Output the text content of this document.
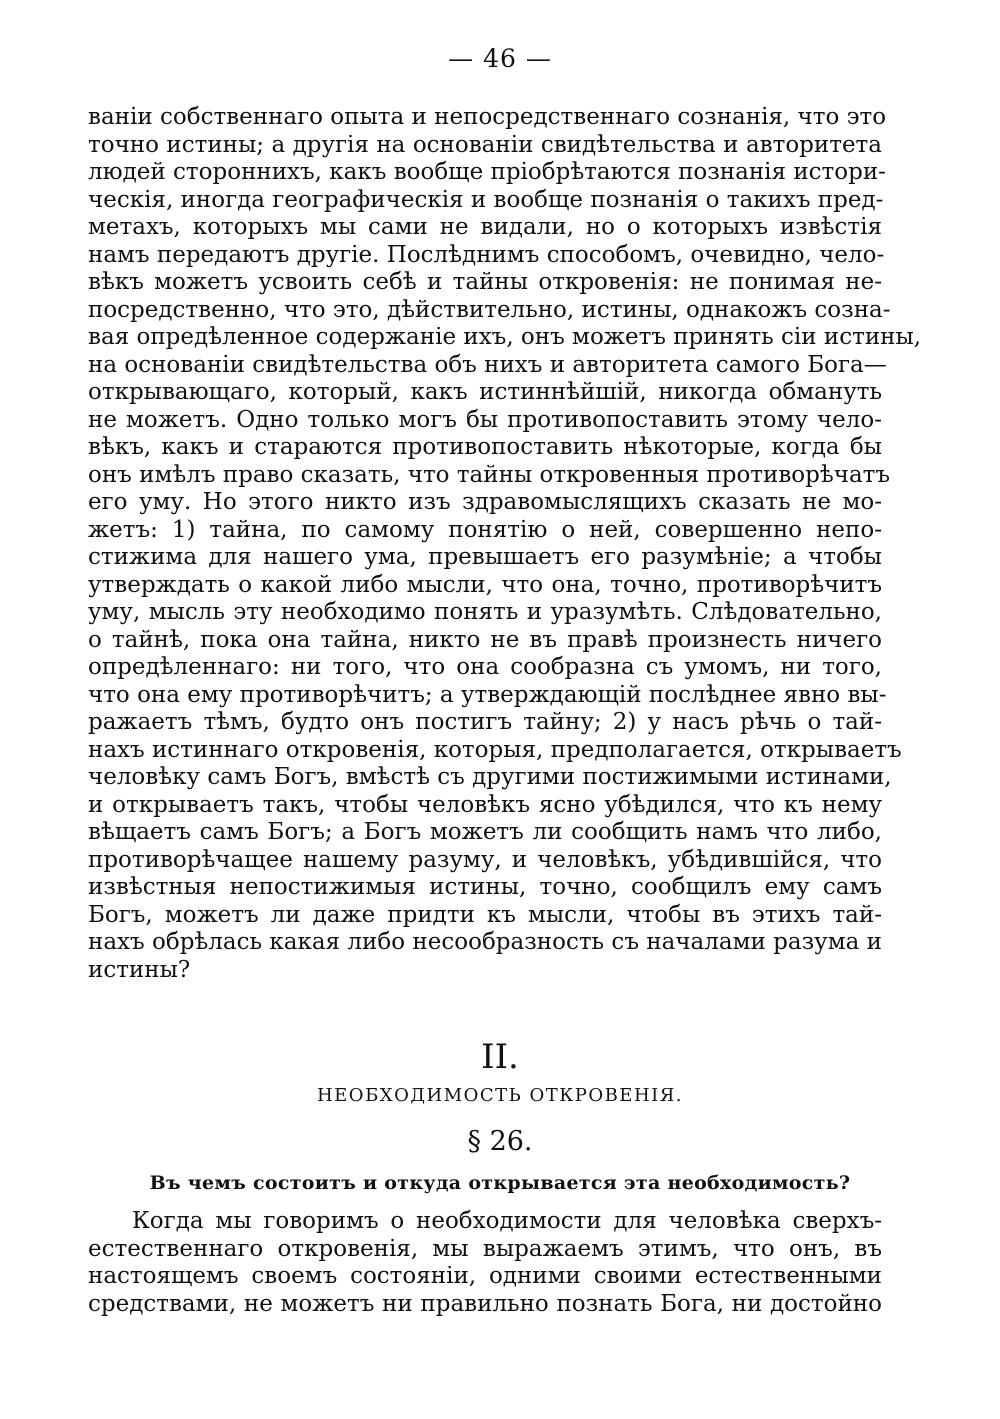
— 46 —
ваніи собственнаго опыта и непосредственнаго сознанія, что это
точно истины; а другія на основаніи свидѣтельства и авторитета
людей стороннихъ, какъ вообще пріобрѣтаются познанія истори-
ческія, иногда географическія и вообще познанія о такихъ пред-
метахъ, которыхъ мы сами не видали, но о которыхъ извѣстія
намъ передаютъ другіе. Послѣднимъ способомъ, очевидно, чело-
вѣкъ можетъ усвоить себѣ и тайны откровенія: не понимая не-
посредственно, что это, дѣйствительно, истины, однакожъ созна-
вая опредѣленное содержаніе ихъ, онъ можетъ принять сіи истины,
на основаніи свидѣтельства объ нихъ и авторитета самого Бога—
открывающаго, который, какъ истиннѣйшій, никогда обмануть
не можетъ. Одно только могъ бы противопоставить этому чело-
вѣкъ, какъ и стараются противопоставить нѣкоторые, когда бы
онъ имѣлъ право сказать, что тайны откровенныя противорѣчатъ
его уму. Но этого никто изъ здравомыслящихъ сказать не мо-
жетъ: 1) тайна, по самому понятію о ней, совершенно непо-
стижима для нашего ума, превышаетъ его разумѣніе; а чтобы
утверждать о какой либо мысли, что она, точно, противорѣчитъ
уму, мысль эту необходимо понять и уразумѣть. Слѣдовательно,
о тайнѣ, пока она тайна, никто не въ правѣ произнесть ничего
опредѣленнаго: ни того, что она сообразна съ умомъ, ни того,
что она ему противорѣчитъ; а утверждающій послѣднее явно вы-
ражаетъ тѣмъ, будто онъ постигъ тайну; 2) у насъ рѣчь о тай-
нахъ истиннаго откровенія, которыя, предполагается, открываетъ
человѣку самъ Богъ, вмѣстѣ съ другими постижимыми истинами,
и открываетъ такъ, чтобы человѣкъ ясно убѣдился, что къ нему
вѣщаетъ самъ Богъ; а Богъ можетъ ли сообщить намъ что либо,
противорѣчащее нашему разуму, и человѣкъ, убѣдившійся, что
извѣстныя непостижимыя истины, точно, сообщилъ ему самъ
Богъ, можетъ ли даже придти къ мысли, чтобы въ этихъ тай-
нахъ обрѣлась какая либо несообразность съ началами разума и
истины?
II.
НЕОБХОДИМОСТЬ ОТКРОВЕНІЯ.
§ 26.
Въ чемъ состоитъ и откуда открывается эта необходимость?
Когда мы говоримъ о необходимости для человѣка сверхъ-
естественнаго откровенія, мы выражаемъ этимъ, что онъ, въ
настоящемъ своемъ состояніи, одними своими естественными
средствами, не можетъ ни правильно познать Бога, ни достойно
